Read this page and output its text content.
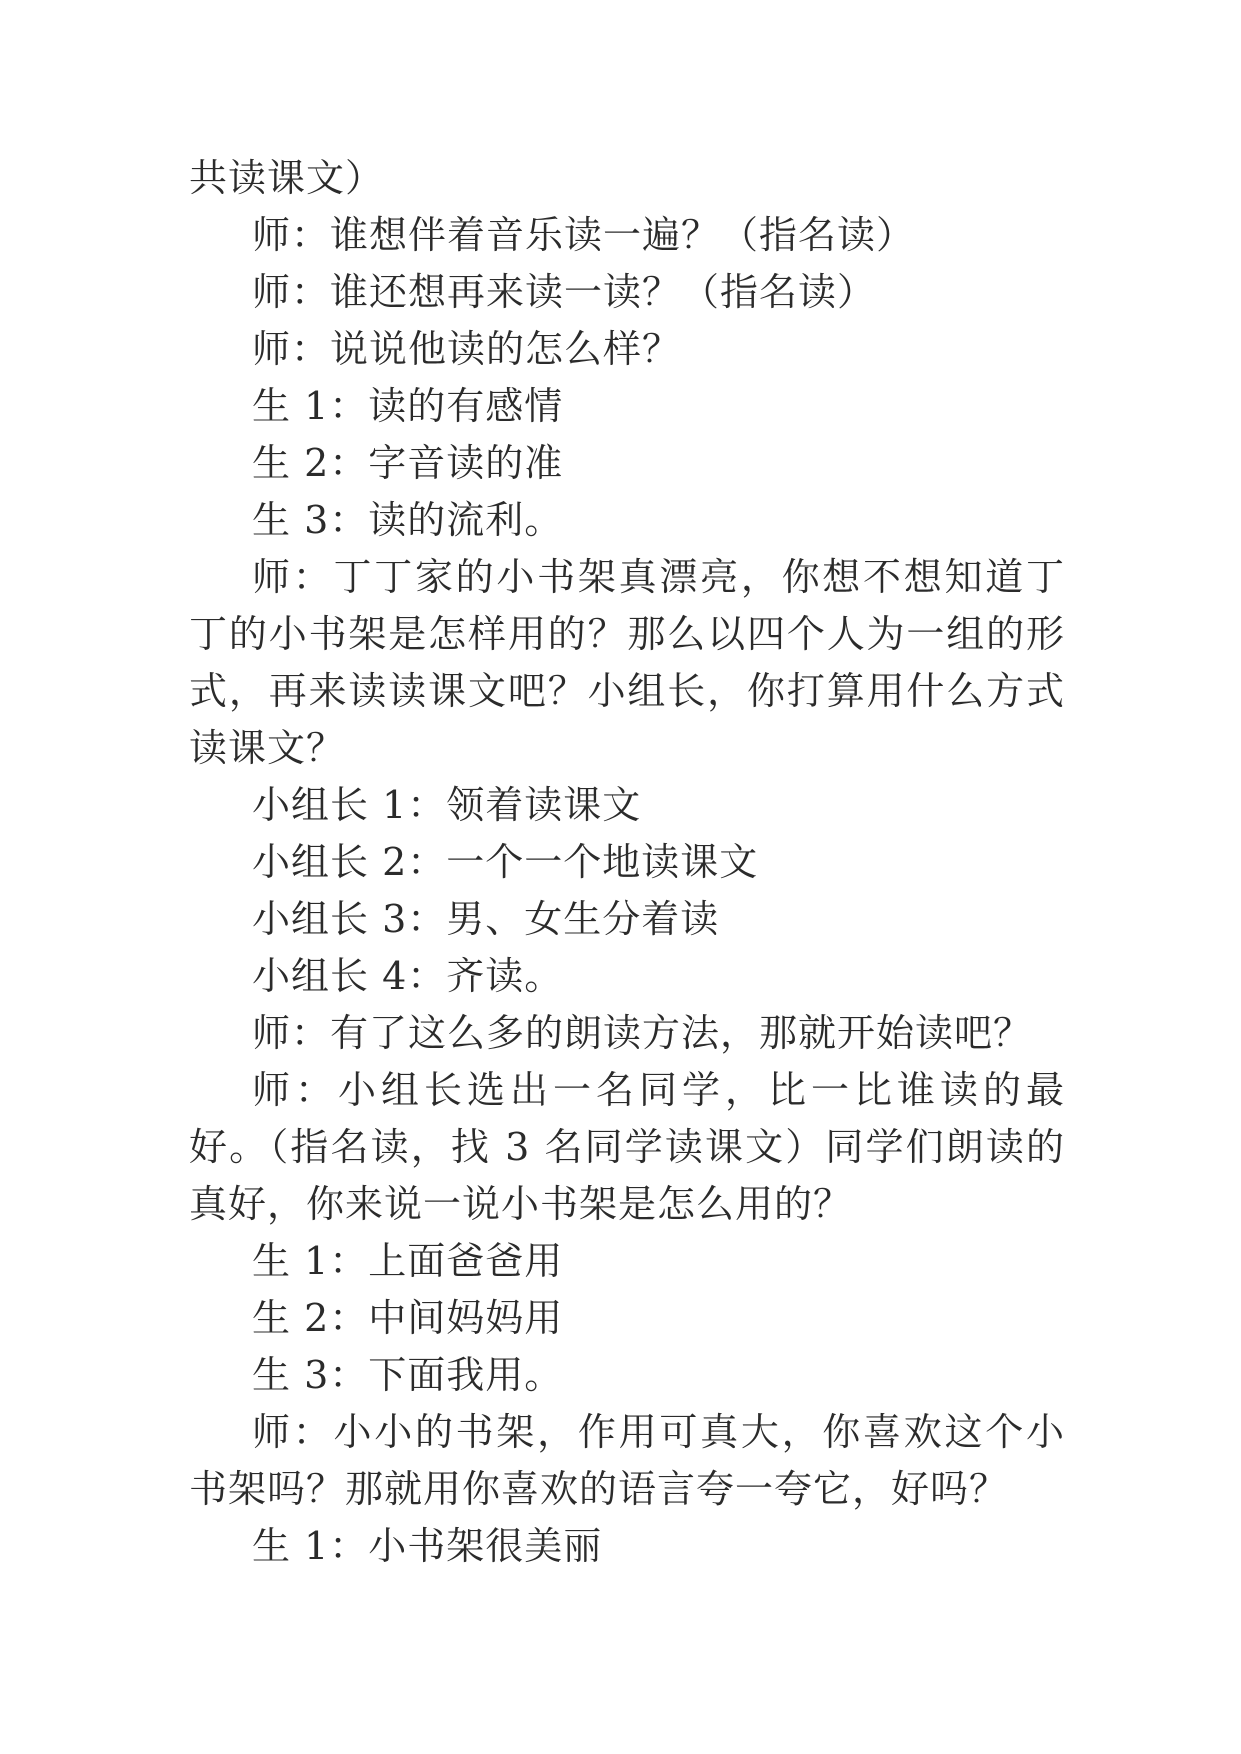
共读课文）

师：谁想伴着音乐读一遍？（指名读）

师：谁还想再来读一读？（指名读）

师：说说他读的怎么样？

生 1：读的有感情

生 2：字音读的准

生 3：读的流利。

师：丁丁家的小书架真漂亮，你想不想知道丁丁的小书架是怎样用的？那么以四个人为一组的形式，再来读读课文吧？小组长，你打算用什么方式读课文？

小组长 1：领着读课文

小组长 2：一个一个地读课文

小组长 3：男、女生分着读

小组长 4：齐读。

师：有了这么多的朗读方法，那就开始读吧？

师：小组长选出一名同学，比一比谁读的最好。（指名读，找 3 名同学读课文）同学们朗读的真好，你来说一说小书架是怎么用的？

生 1：上面爸爸用

生 2：中间妈妈用

生 3：下面我用。

师：小小的书架，作用可真大，你喜欢这个小书架吗？那就用你喜欢的语言夸一夸它，好吗？

生 1：小书架很美丽
